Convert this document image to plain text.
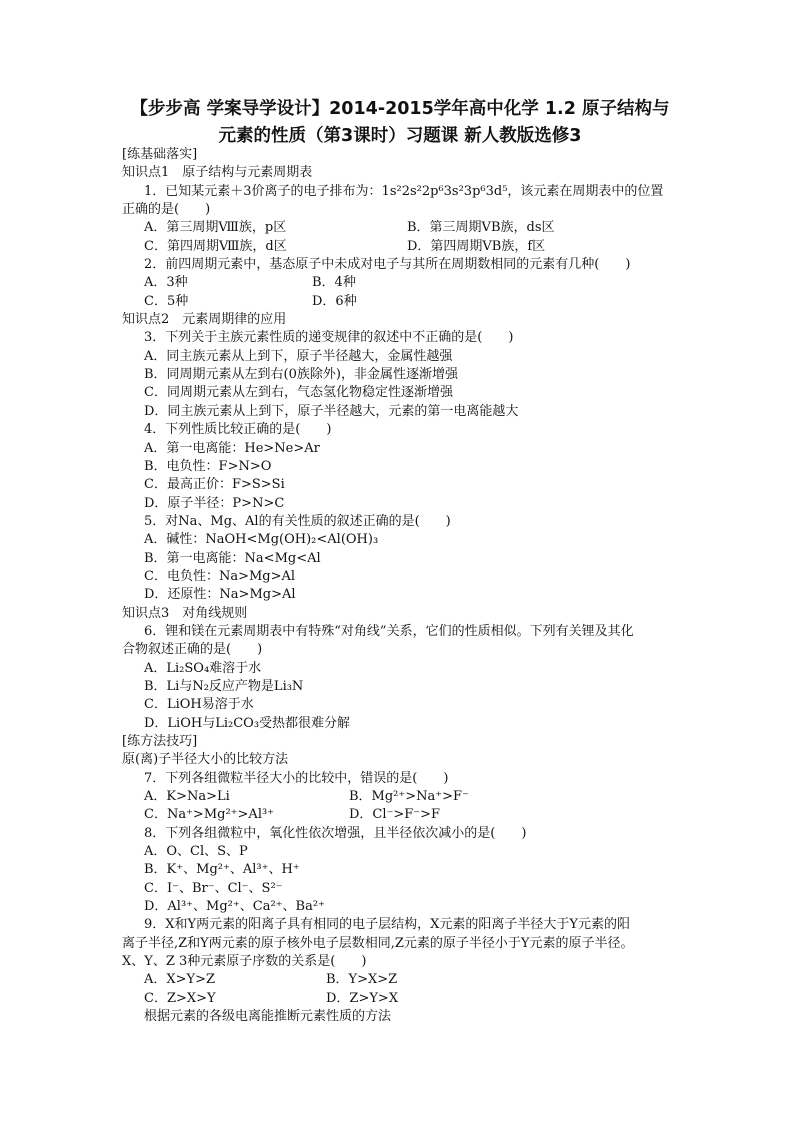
【步步高 学案导学设计】2014-2015学年高中化学 1.2 原子结构与
元素的性质（第3课时）习题课 新人教版选修3
[练基础落实]
知识点1　原子结构与元素周期表
1．已知某元素＋3价离子的电子排布为：1s²2s²2p⁶3s²3p⁶3d⁵，该元素在周期表中的位置
正确的是(　　)
A．第三周期Ⅷ族，p区	B．第三周期ⅤB族，ds区
C．第四周期Ⅷ族，d区	D．第四周期ⅤB族，f区
2．前四周期元素中，基态原子中未成对电子与其所在周期数相同的元素有几种(　　)
A．3种	B．4种
C．5种	D．6种
知识点2　元素周期律的应用
3．下列关于主族元素性质的递变规律的叙述中不正确的是(　　)
A．同主族元素从上到下，原子半径越大，金属性越强
B．同周期元素从左到右(0族除外)，非金属性逐渐增强
C．同周期元素从左到右，气态氢化物稳定性逐渐增强
D．同主族元素从上到下，原子半径越大，元素的第一电离能越大
4．下列性质比较正确的是(　　)
A．第一电离能：He>Ne>Ar
B．电负性：F>N>O
C．最高正价：F>S>Si
D．原子半径：P>N>C
5．对Na、Mg、Al的有关性质的叙述正确的是(　　)
A．碱性：NaOH<Mg(OH)₂<Al(OH)₃
B．第一电离能：Na<Mg<Al
C．电负性：Na>Mg>Al
D．还原性：Na>Mg>Al
知识点3　对角线规则
6．锂和镁在元素周期表中有特殊“对角线”关系，它们的性质相似。下列有关锂及其化
合物叙述正确的是(　　)
A．Li₂SO₄难溶于水
B．Li与N₂反应产物是Li₃N
C．LiOH易溶于水
D．LiOH与Li₂CO₃受热都很难分解
[练方法技巧]
原(离)子半径大小的比较方法
7．下列各组微粒半径大小的比较中，错误的是(　　)
A．K>Na>Li	B．Mg²⁺>Na⁺>F⁻
C．Na⁺>Mg²⁺>Al³⁺	D．Cl⁻>F⁻>F
8．下列各组微粒中，氧化性依次增强，且半径依次减小的是(　　)
A．O、Cl、S、P
B．K⁺、Mg²⁺、Al³⁺、H⁺
C．I⁻、Br⁻、Cl⁻、S²⁻
D．Al³⁺、Mg²⁺、Ca²⁺、Ba²⁺
9．X和Y两元素的阳离子具有相同的电子层结构，X元素的阳离子半径大于Y元素的阳
离子半径,Z和Y两元素的原子核外电子层数相同,Z元素的原子半径小于Y元素的原子半径。
X、Y、Z 3种元素原子序数的关系是(　　)
A．X>Y>Z	B．Y>X>Z
C．Z>X>Y	D．Z>Y>X
根据元素的各级电离能推断元素性质的方法
